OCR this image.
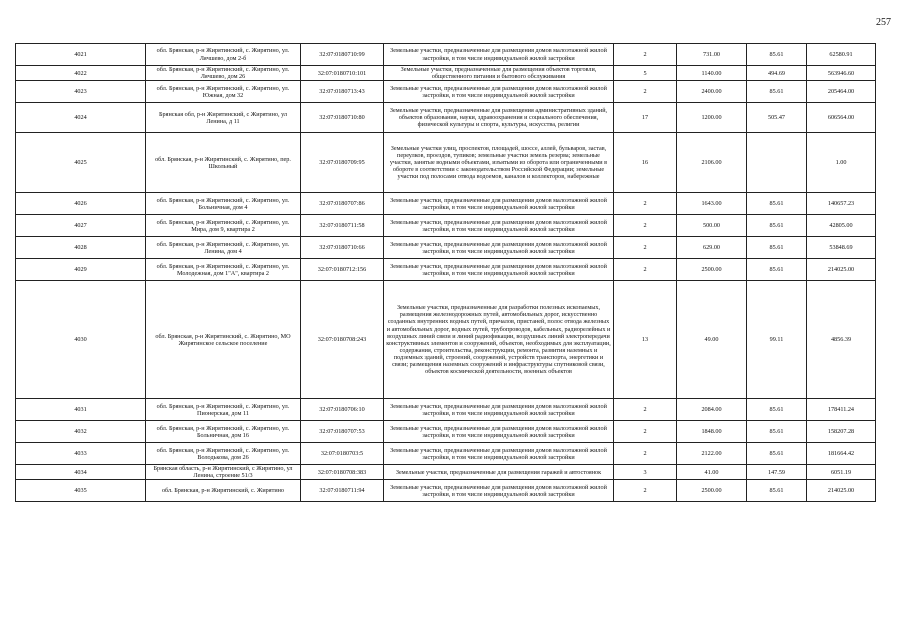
257
4021	обл. Брянская, р-н Жирятинский, с. Жирятино, ул. Лячшево, дом 2-б	32:07:0180710:99	Земельные участки, предназначенные для размещения домов малоэтажной жилой застройки, в том числе индивидуальной жилой застройки	2	731.00	85.61	62580.91
4022	обл. Брянская, р-н Жирятинский, с. Жирятино, ул. Лячшево, дом 26	32:07:0180710:101	Земельные участки, предназначенные для размещения объектов торговли, общественного питания и бытового обслуживания	5	1140.00	494.69	563946.60
4023	обл. Брянская, р-н Жирятинский, с. Жирятино, ул. Южная, дом 32	32:07:0180713:43	Земельные участки, предназначенные для размещения домов малоэтажной жилой застройки, в том числе индивидуальной жилой застройки	2	2400.00	85.61	205464.00
4024	Брянская обл, р-н Жирятинский, с Жирятино, ул Ленина, д 11	32:07:0180710:80	Земельные участки, предназначенные для размещения административных зданий, объектов образования, науки, здравоохранения и социального обеспечения, физической культуры и спорта, культуры, искусства, религии	17	1200.00	505.47	606564.00
4025	обл. Брянская, р-н Жирятинский, с. Жирятино, пер. Школьный	32:07:0180709:95	Земельные участки улиц, проспектов, площадей, шоссе, аллей, бульваров, застав, переулков, проездов, тупиков; земельные участки земель резерва; земельные участки, занятые водными объектами, изъятыми из оборота или ограниченными в обороте в соответствии с законодательством Российской Федерации; земельные участки под полосами отвода водоемов, каналов и коллекторов, набережные	16	2106.00		1.00
4026	обл. Брянская, р-н Жирятинский, с. Жирятино, ул. Больничная, дом 4	32:07:0180707:86	Земельные участки, предназначенные для размещения домов малоэтажной жилой застройки, в том числе индивидуальной жилой застройки	2	1643.00	85.61	140657.23
4027	обл. Брянская, р-н Жирятинский, с. Жирятино, ул. Мира, дом 9, квартира 2	32:07:0180711:58	Земельные участки, предназначенные для размещения домов малоэтажной жилой застройки, в том числе индивидуальной жилой застройки	2	500.00	85.61	42805.00
4028	обл. Брянская, р-н Жирятинский, с. Жирятино, ул. Ленина, дом 4	32:07:0180710:66	Земельные участки, предназначенные для размещения домов малоэтажной жилой застройки, в том числе индивидуальной жилой застройки	2	629.00	85.61	53848.69
4029	обл. Брянская, р-н Жирятинский, с. Жирятино, ул. Молодежная, дом 1"А", квартира 2	32:07:0180712:156	Земельные участки, предназначенные для размещения домов малоэтажной жилой застройки, в том числе индивидуальной жилой застройки	2	2500.00	85.61	214025.00
4030	обл. Брянская, р-н Жирятинский, с. Жирятино, МО Жирятинское сельское поселение	32:07:0180708:243	Земельные участки, предназначенные для разработки полезных ископаемых, размещения железнодорожных путей, автомобильных дорог, искусственно созданных внутренних водных путей, причалов, пристаней, полос отвода железных и автомобильных дорог, водных путей, трубопроводов, кабельных, радиорелейных и воздушных линий связи и линий радиофикации, воздушных линий электропередачи конструктивных элементов и сооружений, объектов, необходимых для эксплуатации, содержания, строительства, реконструкции, ремонта, развития наземных и подземных зданий, строений, сооружений, устройств транспорта, энергетики и связи; размещения наземных сооружений и инфраструктуры спутниковой связи, объектов космической деятельности, военных объектов	13	49.00	99.11	4856.39
4031	обл. Брянская, р-н Жирятинский, с. Жирятино, ул. Пионерская, дом 11	32:07:0180706:10	Земельные участки, предназначенные для размещения домов малоэтажной жилой застройки, в том числе индивидуальной жилой застройки	2	2084.00	85.61	178411.24
4032	обл. Брянская, р-н Жирятинский, с. Жирятино, ул. Больничная, дом 16	32:07:0180707:53	Земельные участки, предназначенные для размещения домов малоэтажной жилой застройки, в том числе индивидуальной жилой застройки	2	1848.00	85.61	158207.28
4033	обл. Брянская, р-н Жирятинский, с. Жирятино, ул. Володькова, дом 26	32:07:0180703:5	Земельные участки, предназначенные для размещения домов малоэтажной жилой застройки, в том числе индивидуальной жилой застройки	2	2122.00	85.61	181664.42
4034	Брянская область, р-н Жирятинский, с Жирятино, ул Ленина, строение 51/3	32:07:0180708:383	Земельные участки, предназначенные для размещения гаражей и автостоянок	3	41.00	147.59	6051.19
4035	обл. Брянская, р-н Жирятинский, с. Жирятино	32:07:0180711:94	Земельные участки, предназначенные для размещения домов малоэтажной жилой застройки, в том числе индивидуальной жилой застройки	2	2500.00	85.61	214025.00
